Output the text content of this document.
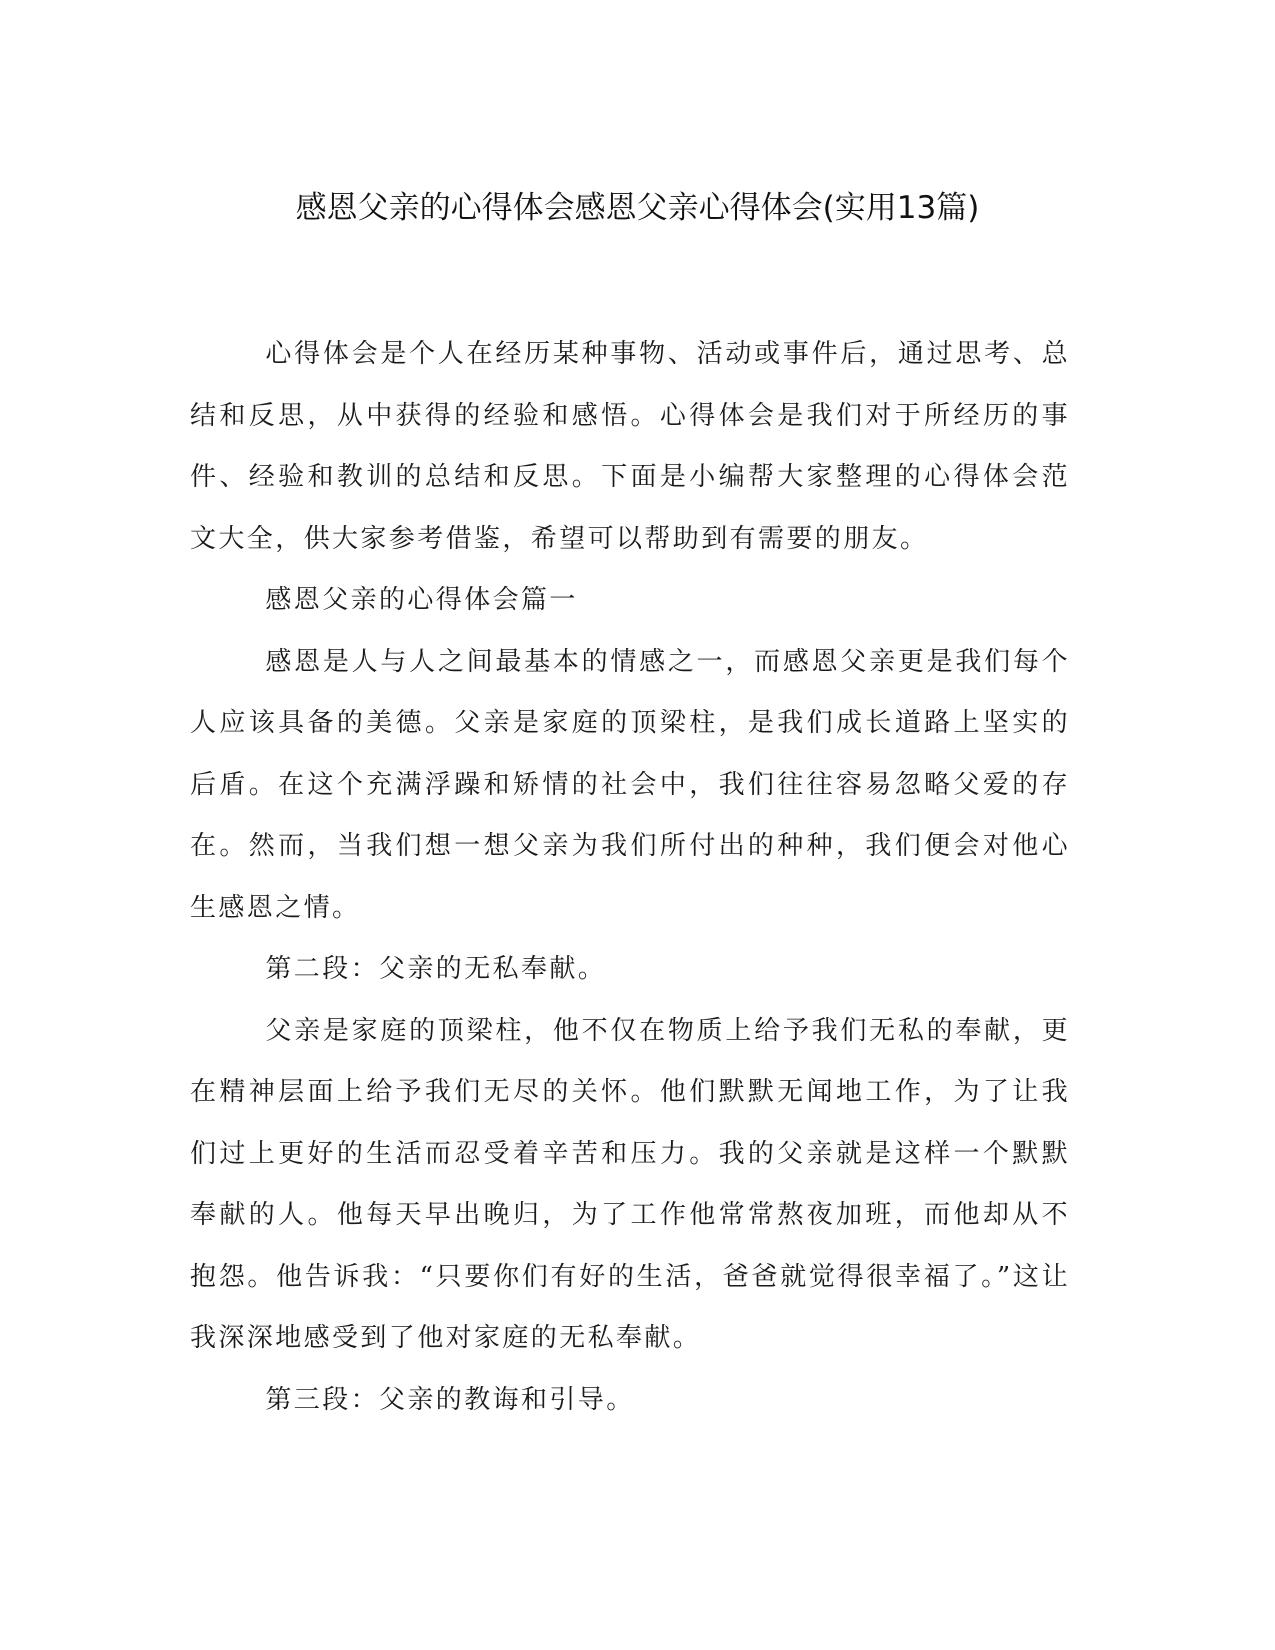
感恩父亲的心得体会感恩父亲心得体会(实用13篇)

心得体会是个人在经历某种事物、活动或事件后，通过思考、总结和反思，从中获得的经验和感悟。心得体会是我们对于所经历的事件、经验和教训的总结和反思。下面是小编帮大家整理的心得体会范文大全，供大家参考借鉴，希望可以帮助到有需要的朋友。

感恩父亲的心得体会篇一

感恩是人与人之间最基本的情感之一，而感恩父亲更是我们每个人应该具备的美德。父亲是家庭的顶梁柱，是我们成长道路上坚实的后盾。在这个充满浮躁和矫情的社会中，我们往往容易忽略父爱的存在。然而，当我们想一想父亲为我们所付出的种种，我们便会对他心生感恩之情。

第二段：父亲的无私奉献。

父亲是家庭的顶梁柱，他不仅在物质上给予我们无私的奉献，更在精神层面上给予我们无尽的关怀。他们默默无闻地工作，为了让我们过上更好的生活而忍受着辛苦和压力。我的父亲就是这样一个默默奉献的人。他每天早出晚归，为了工作他常常熬夜加班，而他却从不抱怨。他告诉我：“只要你们有好的生活，爸爸就觉得很幸福了。”这让我深深地感受到了他对家庭的无私奉献。

第三段：父亲的教诲和引导。
